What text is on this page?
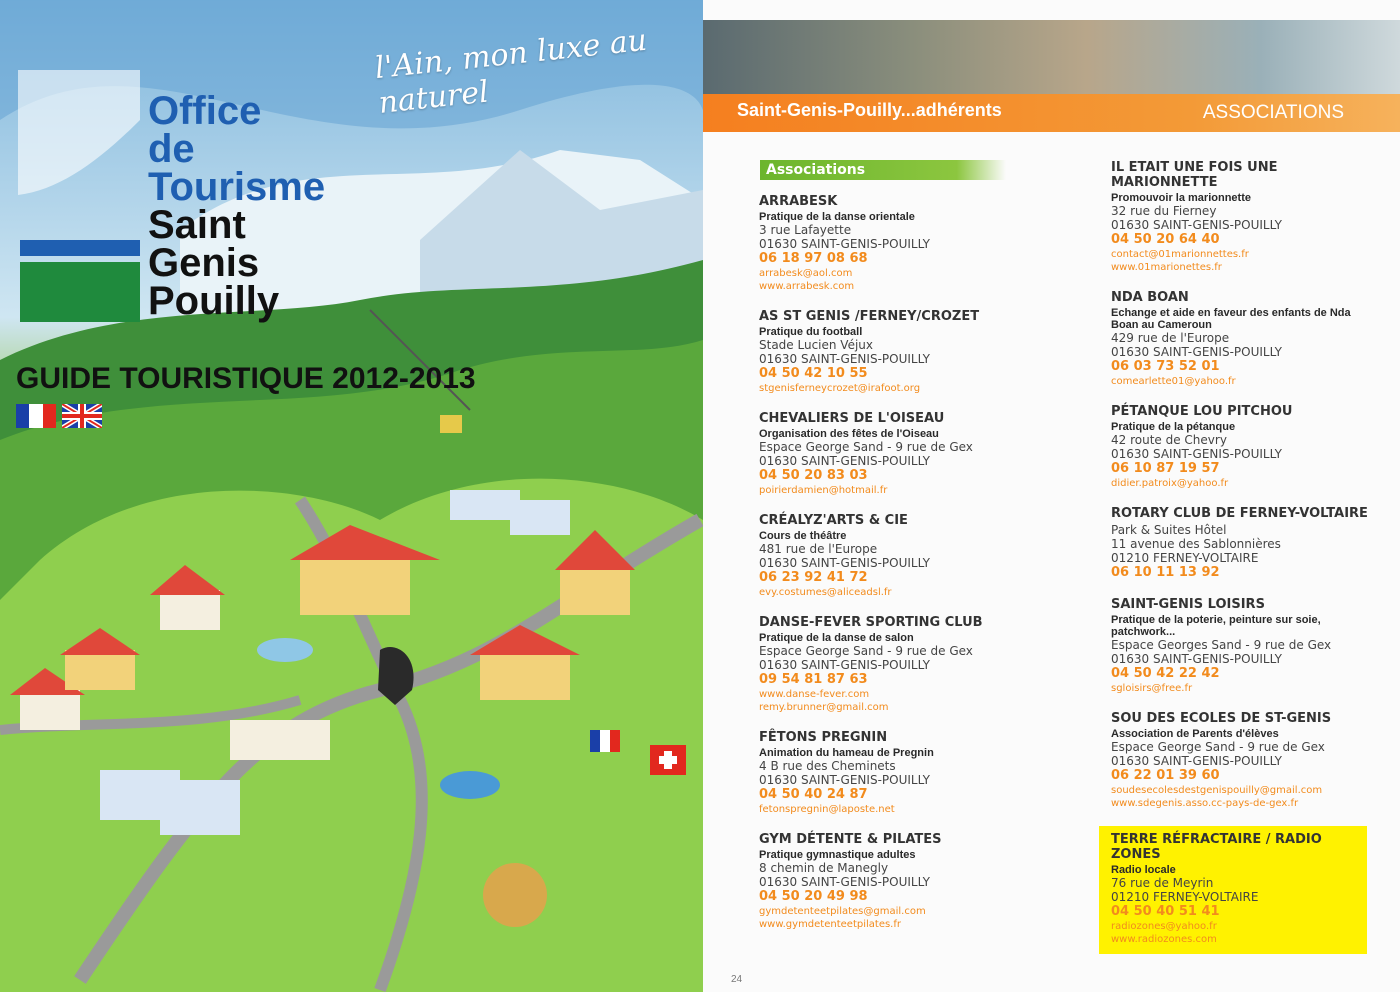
l'Ain, mon luxe au naturel
Office
de
Tourisme
Saint
Genis
Pouilly
GUIDE TOURISTIQUE 2012-2013
Saint-Genis-Pouilly...adhérents	ASSOCIATIONS
Associations
ARRABESK
Pratique de la danse orientale
3 rue Lafayette
01630 SAINT-GENIS-POUILLY
06 18 97 08 68
arrabesk@aol.com
www.arrabesk.com
AS ST GENIS /FERNEY/CROZET
Pratique du football
Stade Lucien Véjux
01630 SAINT-GENIS-POUILLY
04 50 42 10 55
stgenisferneycrozet@irafoot.org
CHEVALIERS DE L'OISEAU
Organisation des fêtes de l'Oiseau
Espace George Sand - 9 rue de Gex
01630 SAINT-GENIS-POUILLY
04 50 20 83 03
poirierdamien@hotmail.fr
CRÉALYZ'ARTS & CIE
Cours de théâtre
481 rue de l'Europe
01630 SAINT-GENIS-POUILLY
06 23 92 41 72
evy.costumes@aliceadsl.fr
DANSE-FEVER SPORTING CLUB
Pratique de la danse de salon
Espace George Sand - 9 rue de Gex
01630 SAINT-GENIS-POUILLY
09 54 81 87 63
www.danse-fever.com
remy.brunner@gmail.com
FÊTONS PREGNIN
Animation du hameau de Pregnin
4 B rue des Cheminets
01630 SAINT-GENIS-POUILLY
04 50 40 24 87
fetonspregnin@laposte.net
GYM DÉTENTE & PILATES
Pratique gymnastique adultes
8 chemin de Manegly
01630 SAINT-GENIS-POUILLY
04 50 20 49 98
gymdetenteetpilates@gmail.com
www.gymdetenteetpilates.fr
IL ETAIT UNE FOIS UNE MARIONNETTE
Promouvoir la marionnette
32 rue du Fierney
01630 SAINT-GENIS-POUILLY
04 50 20 64 40
contact@01marionnettes.fr
www.01marionettes.fr
NDA BOAN
Echange et aide en faveur des enfants de Nda Boan au Cameroun
429 rue de l'Europe
01630 SAINT-GENIS-POUILLY
06 03 73 52 01
comearlette01@yahoo.fr
PÉTANQUE LOU PITCHOU
Pratique de la pétanque
42 route de Chevry
01630 SAINT-GENIS-POUILLY
06 10 87 19 57
didier.patroix@yahoo.fr
ROTARY CLUB DE FERNEY-VOLTAIRE
Park & Suites Hôtel
11 avenue des Sablonnières
01210 FERNEY-VOLTAIRE
06 10 11 13 92
SAINT-GENIS LOISIRS
Pratique de la poterie, peinture sur soie, patchwork...
Espace Georges Sand - 9 rue de Gex
01630 SAINT-GENIS-POUILLY
04 50 42 22 42
sgloisirs@free.fr
SOU DES ECOLES DE ST-GENIS
Association de Parents d'élèves
Espace George Sand - 9 rue de Gex
01630 SAINT-GENIS-POUILLY
06 22 01 39 60
soudesecolesdestgenispouilly@gmail.com
www.sdegenis.asso.cc-pays-de-gex.fr
TERRE RÉFRACTAIRE / RADIO ZONES
Radio locale
76 rue de Meyrin
01210 FERNEY-VOLTAIRE
04 50 40 51 41
radiozones@yahoo.fr
www.radiozones.com
24
